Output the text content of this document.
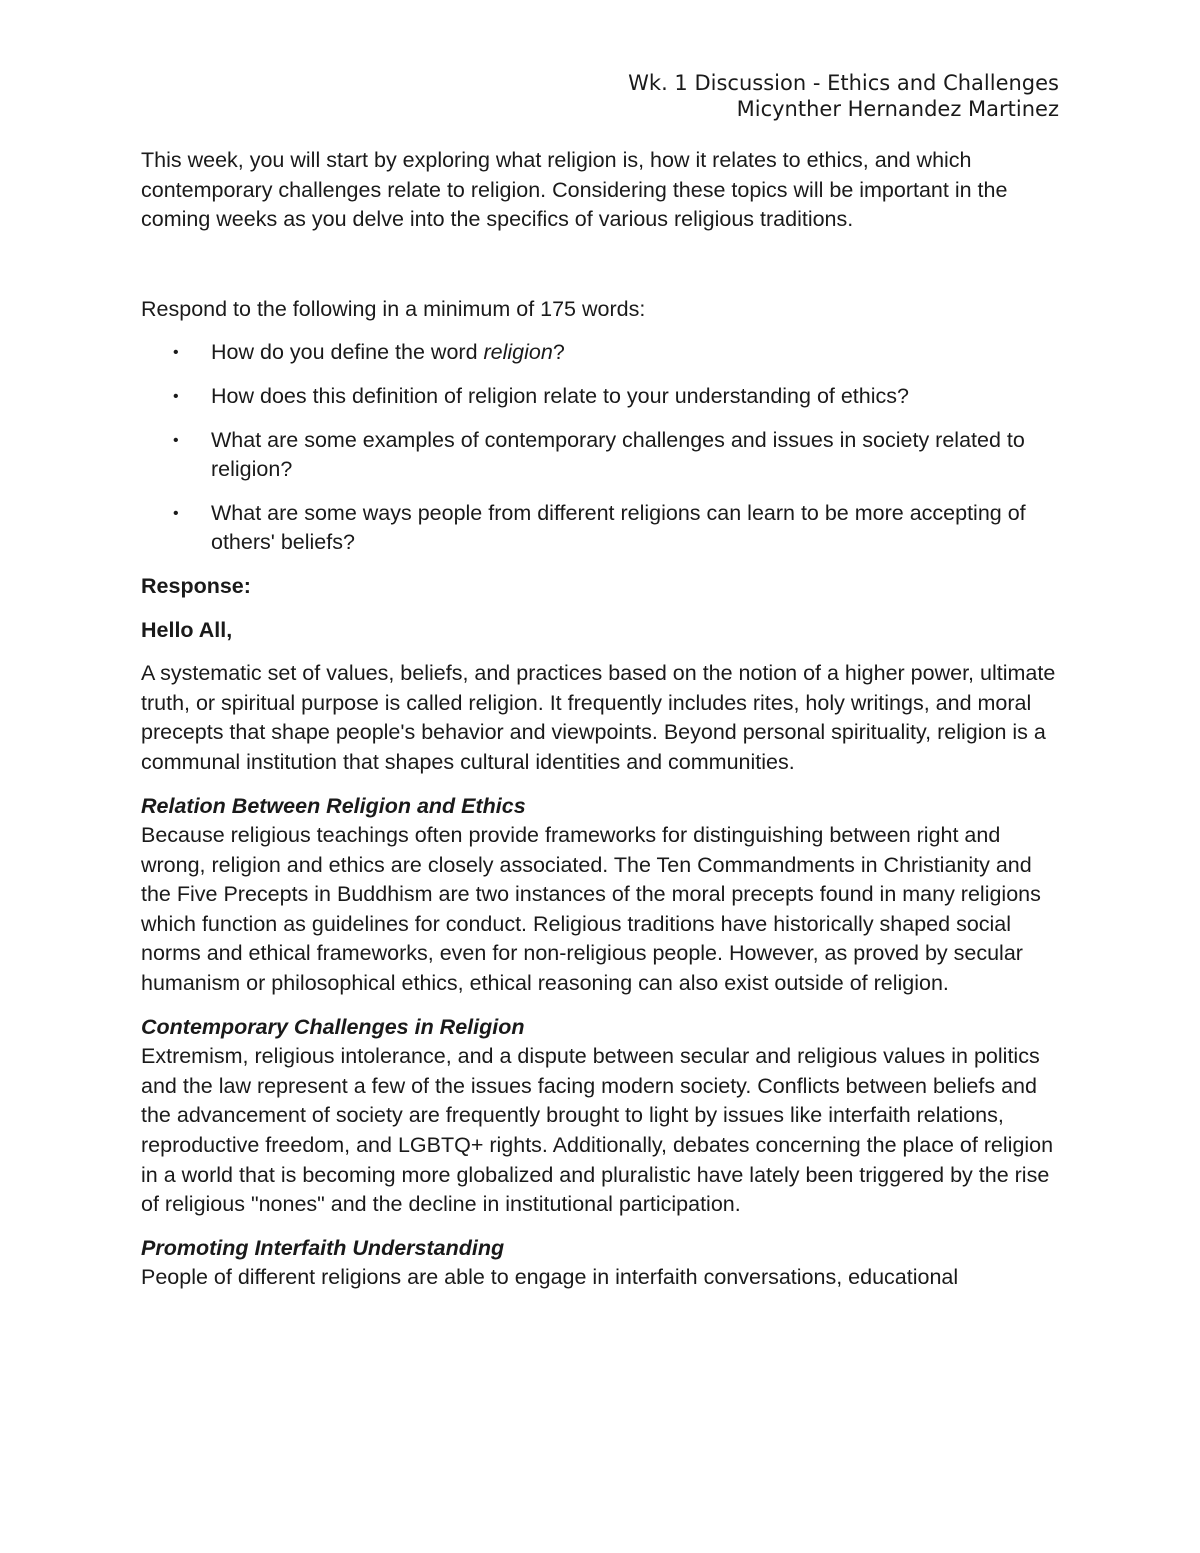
Wk. 1 Discussion - Ethics and Challenges
Micynther Hernandez Martinez

This week, you will start by exploring what religion is, how it relates to ethics, and which contemporary challenges relate to religion. Considering these topics will be important in the coming weeks as you delve into the specifics of various religious traditions.

Respond to the following in a minimum of 175 words:

• How do you define the word religion?
• How does this definition of religion relate to your understanding of ethics?
• What are some examples of contemporary challenges and issues in society related to religion?
• What are some ways people from different religions can learn to be more accepting of others' beliefs?

Response:

Hello All,

A systematic set of values, beliefs, and practices based on the notion of a higher power, ultimate truth, or spiritual purpose is called religion. It frequently includes rites, holy writings, and moral precepts that shape people's behavior and viewpoints. Beyond personal spirituality, religion is a communal institution that shapes cultural identities and communities.

Relation Between Religion and Ethics

Because religious teachings often provide frameworks for distinguishing between right and wrong, religion and ethics are closely associated. The Ten Commandments in Christianity and the Five Precepts in Buddhism are two instances of the moral precepts found in many religions which function as guidelines for conduct. Religious traditions have historically shaped social norms and ethical frameworks, even for non-religious people. However, as proved by secular humanism or philosophical ethics, ethical reasoning can also exist outside of religion.

Contemporary Challenges in Religion

Extremism, religious intolerance, and a dispute between secular and religious values in politics and the law represent a few of the issues facing modern society. Conflicts between beliefs and the advancement of society are frequently brought to light by issues like interfaith relations, reproductive freedom, and LGBTQ+ rights. Additionally, debates concerning the place of religion in a world that is becoming more globalized and pluralistic have lately been triggered by the rise of religious "nones" and the decline in institutional participation.

Promoting Interfaith Understanding

People of different religions are able to engage in interfaith conversations, educational
